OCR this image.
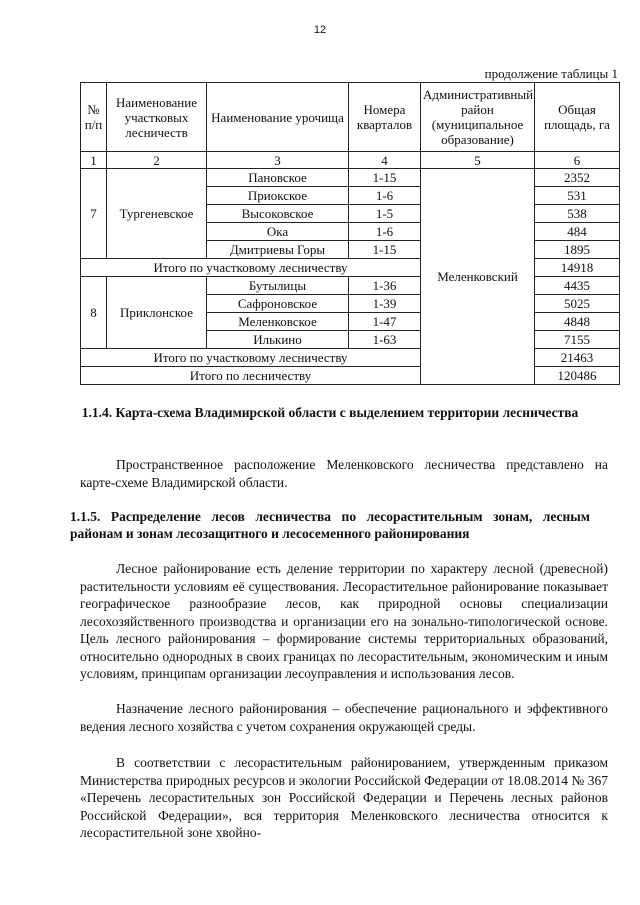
12
продолжение таблицы 1
№ п/п	Наименование участковых лесничеств	Наименование урочища	Номера кварталов	Административный район (муниципальное образование)	Общая площадь, га
1	2	3	4	5	6
7	Тургеневское	Пановское	1-15	Меленковский	2352
		Приокское	1-6		531
		Высоковское	1-5		538
		Ока	1-6		484
		Дмитриевы Горы	1-15		1895
Итого по участковому лесничеству					14918
8	Приклонское	Бутылицы	1-36		4435
		Сафроновское	1-39		5025
		Меленковское	1-47		4848
		Илькино	1-63		7155
Итого по участковому лесничеству					21463
Итого по лесничеству					120486
1.1.4. Карта-схема Владимирской области с выделением территории лесничества

Пространственное расположение Меленковского лесничества представлено на карте-схеме Владимирской области.

1.1.5. Распределение лесов лесничества по лесорастительным зонам, лесным районам и зонам лесозащитного и лесосеменного районирования

Лесное районирование есть деление территории по характеру лесной (древесной) растительности условиям её существования. Лесорастительное районирование показывает географическое разнообразие лесов, как природной основы специализации лесохозяйственного производства и организации его на зонально-типологической основе. Цель лесного районирования – формирование системы территориальных образований, относительно однородных в своих границах по лесорастительным, экономическим и иным условиям, принципам организации лесоуправления и использования лесов.

Назначение лесного районирования – обеспечение рационального и эффективного ведения лесного хозяйства с учетом сохранения окружающей среды.

В соответствии с лесорастительным районированием, утвержденным приказом Министерства природных ресурсов и экологии Российской Федерации от 18.08.2014 № 367 «Перечень лесорастительных зон Российской Федерации и Перечень лесных районов Российской Федерации», вся территория Меленковского лесничества относится к лесорастительной зоне хвойно-
